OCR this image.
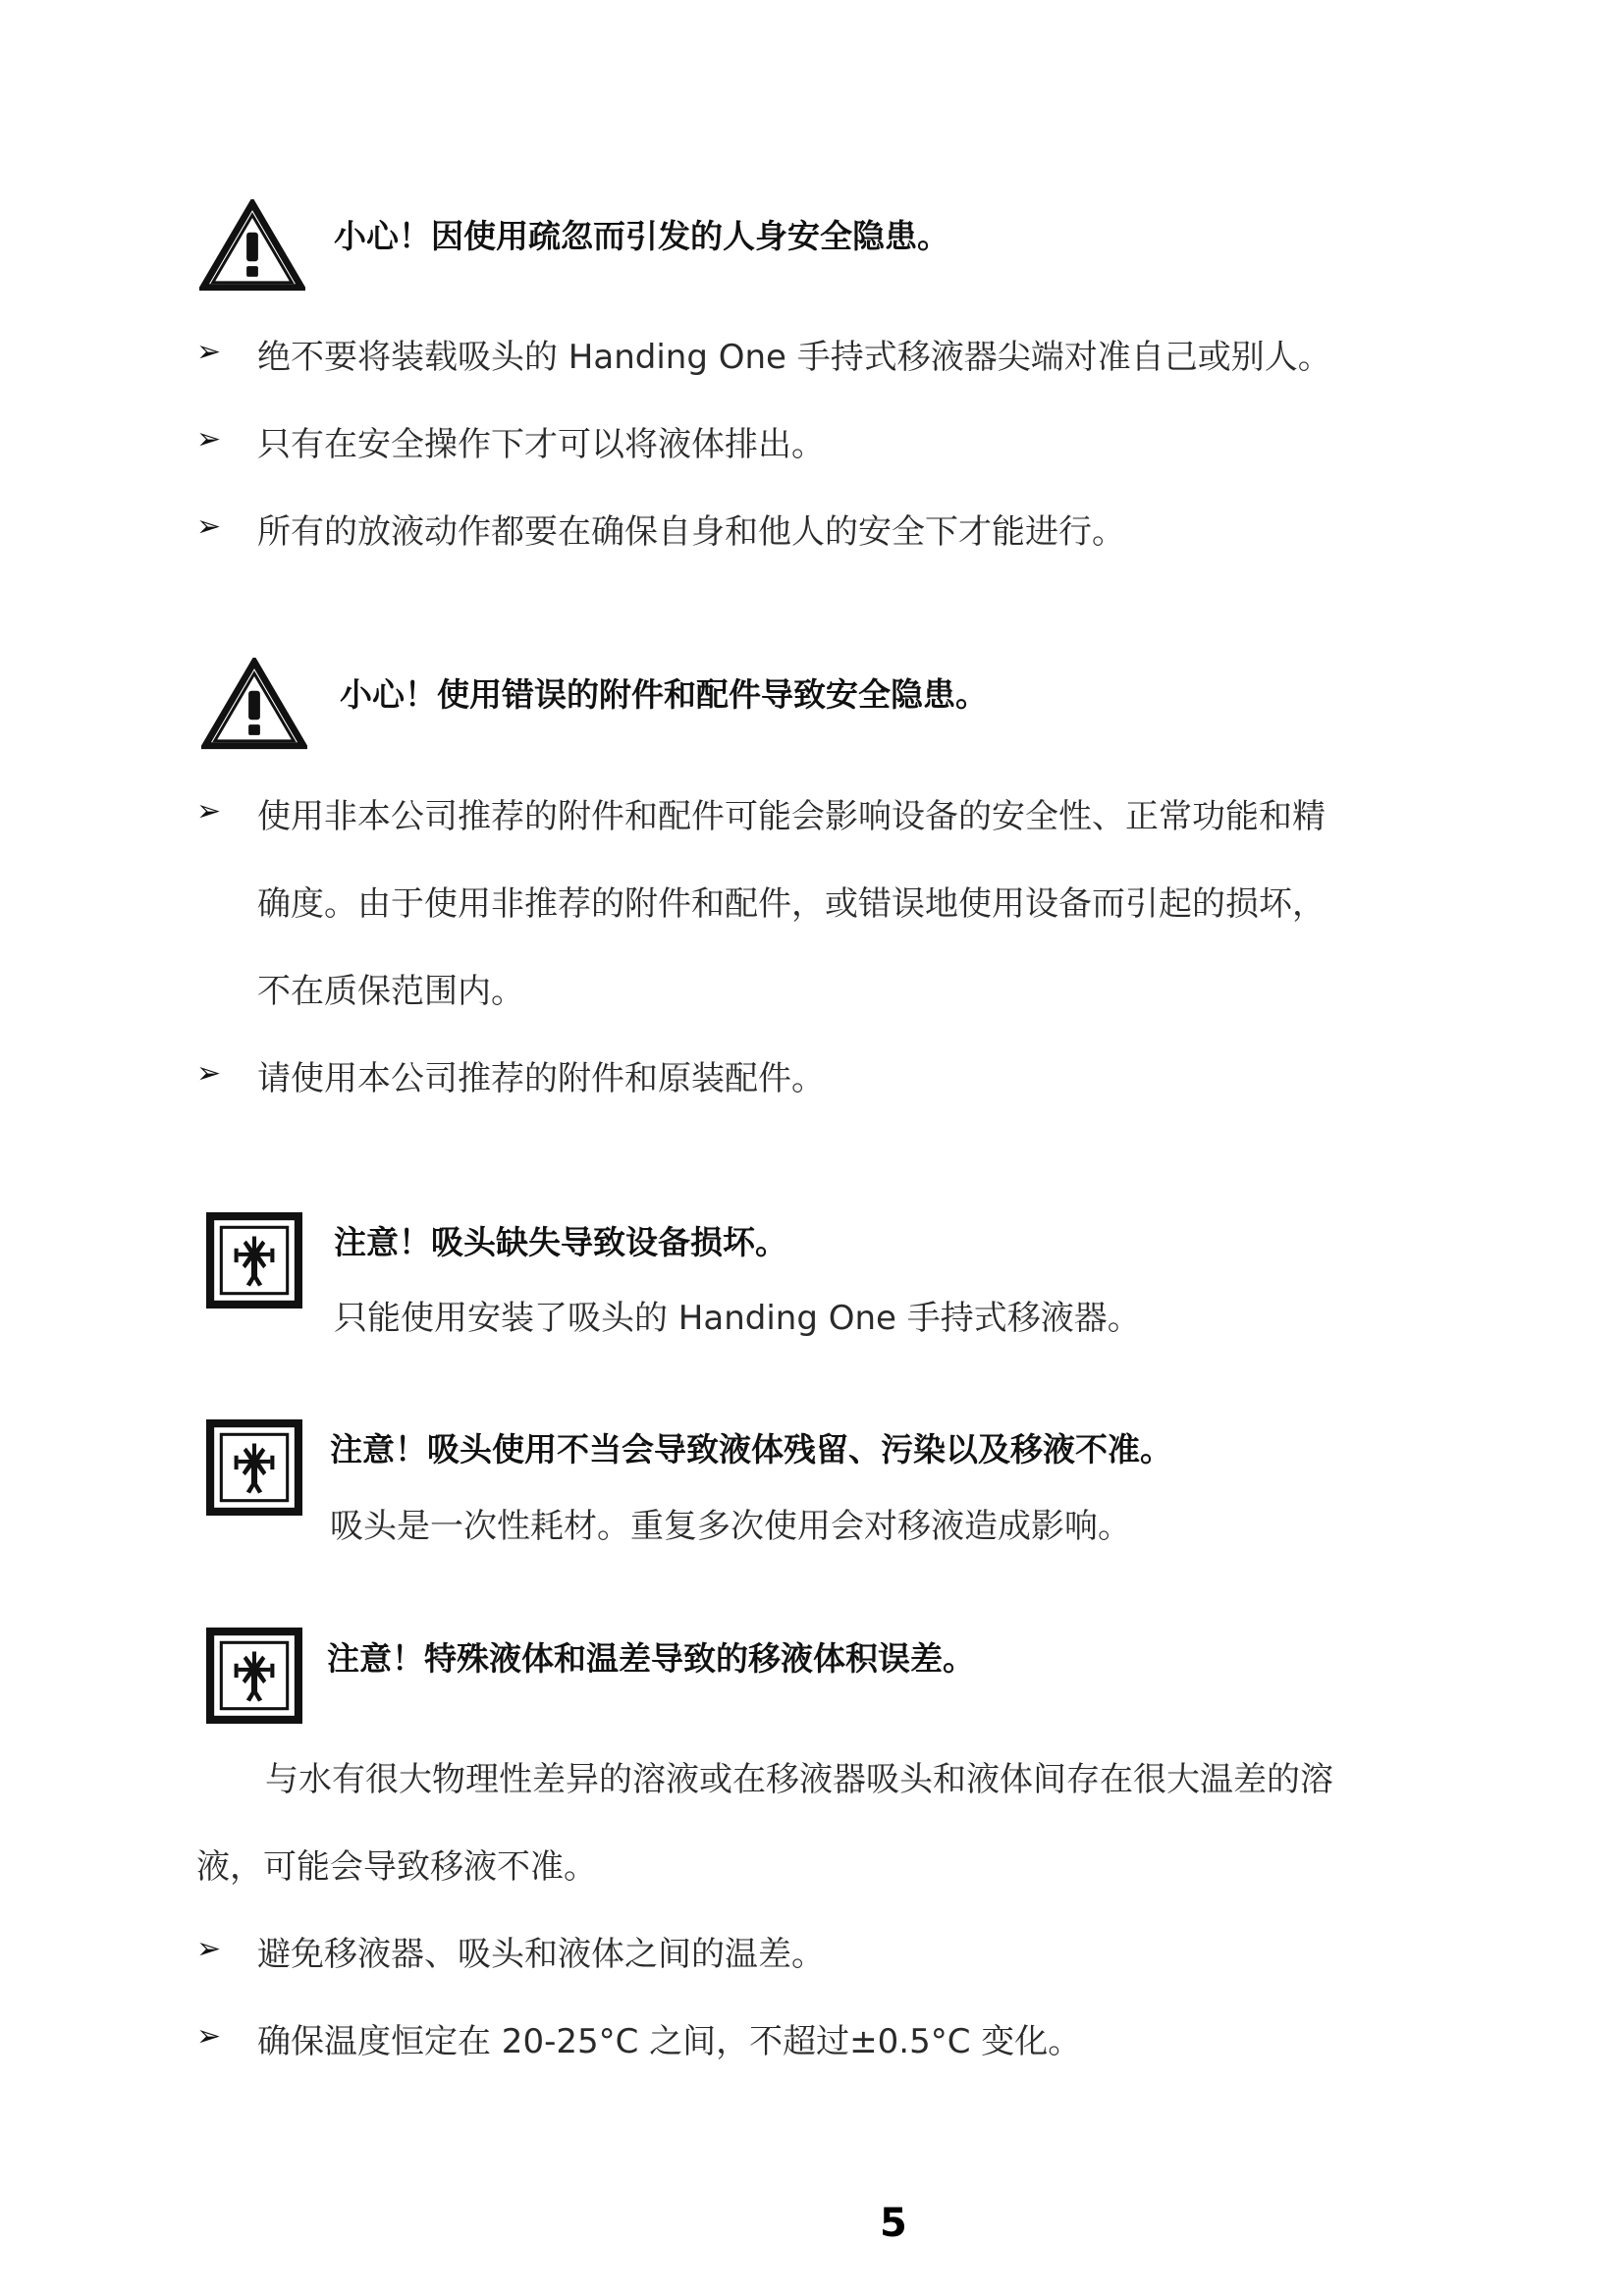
小心！因使用疏忽而引发的人身安全隐患。
➢ 绝不要将装载吸头的 Handing One 手持式移液器尖端对准自己或别人。
➢ 只有在安全操作下才可以将液体排出。
➢ 所有的放液动作都要在确保自身和他人的安全下才能进行。
小心！使用错误的附件和配件导致安全隐患。
➢ 使用非本公司推荐的附件和配件可能会影响设备的安全性、正常功能和精
确度。由于使用非推荐的附件和配件，或错误地使用设备而引起的损坏，
不在质保范围内。
➢ 请使用本公司推荐的附件和原装配件。
注意！吸头缺失导致设备损坏。
只能使用安装了吸头的 Handing One 手持式移液器。
注意！吸头使用不当会导致液体残留、污染以及移液不准。
吸头是一次性耗材。重复多次使用会对移液造成影响。
注意！特殊液体和温差导致的移液体积误差。
与水有很大物理性差异的溶液或在移液器吸头和液体间存在很大温差的溶
液，可能会导致移液不准。
➢ 避免移液器、吸头和液体之间的温差。
➢ 确保温度恒定在 20-25°C 之间，不超过±0.5°C 变化。
5
